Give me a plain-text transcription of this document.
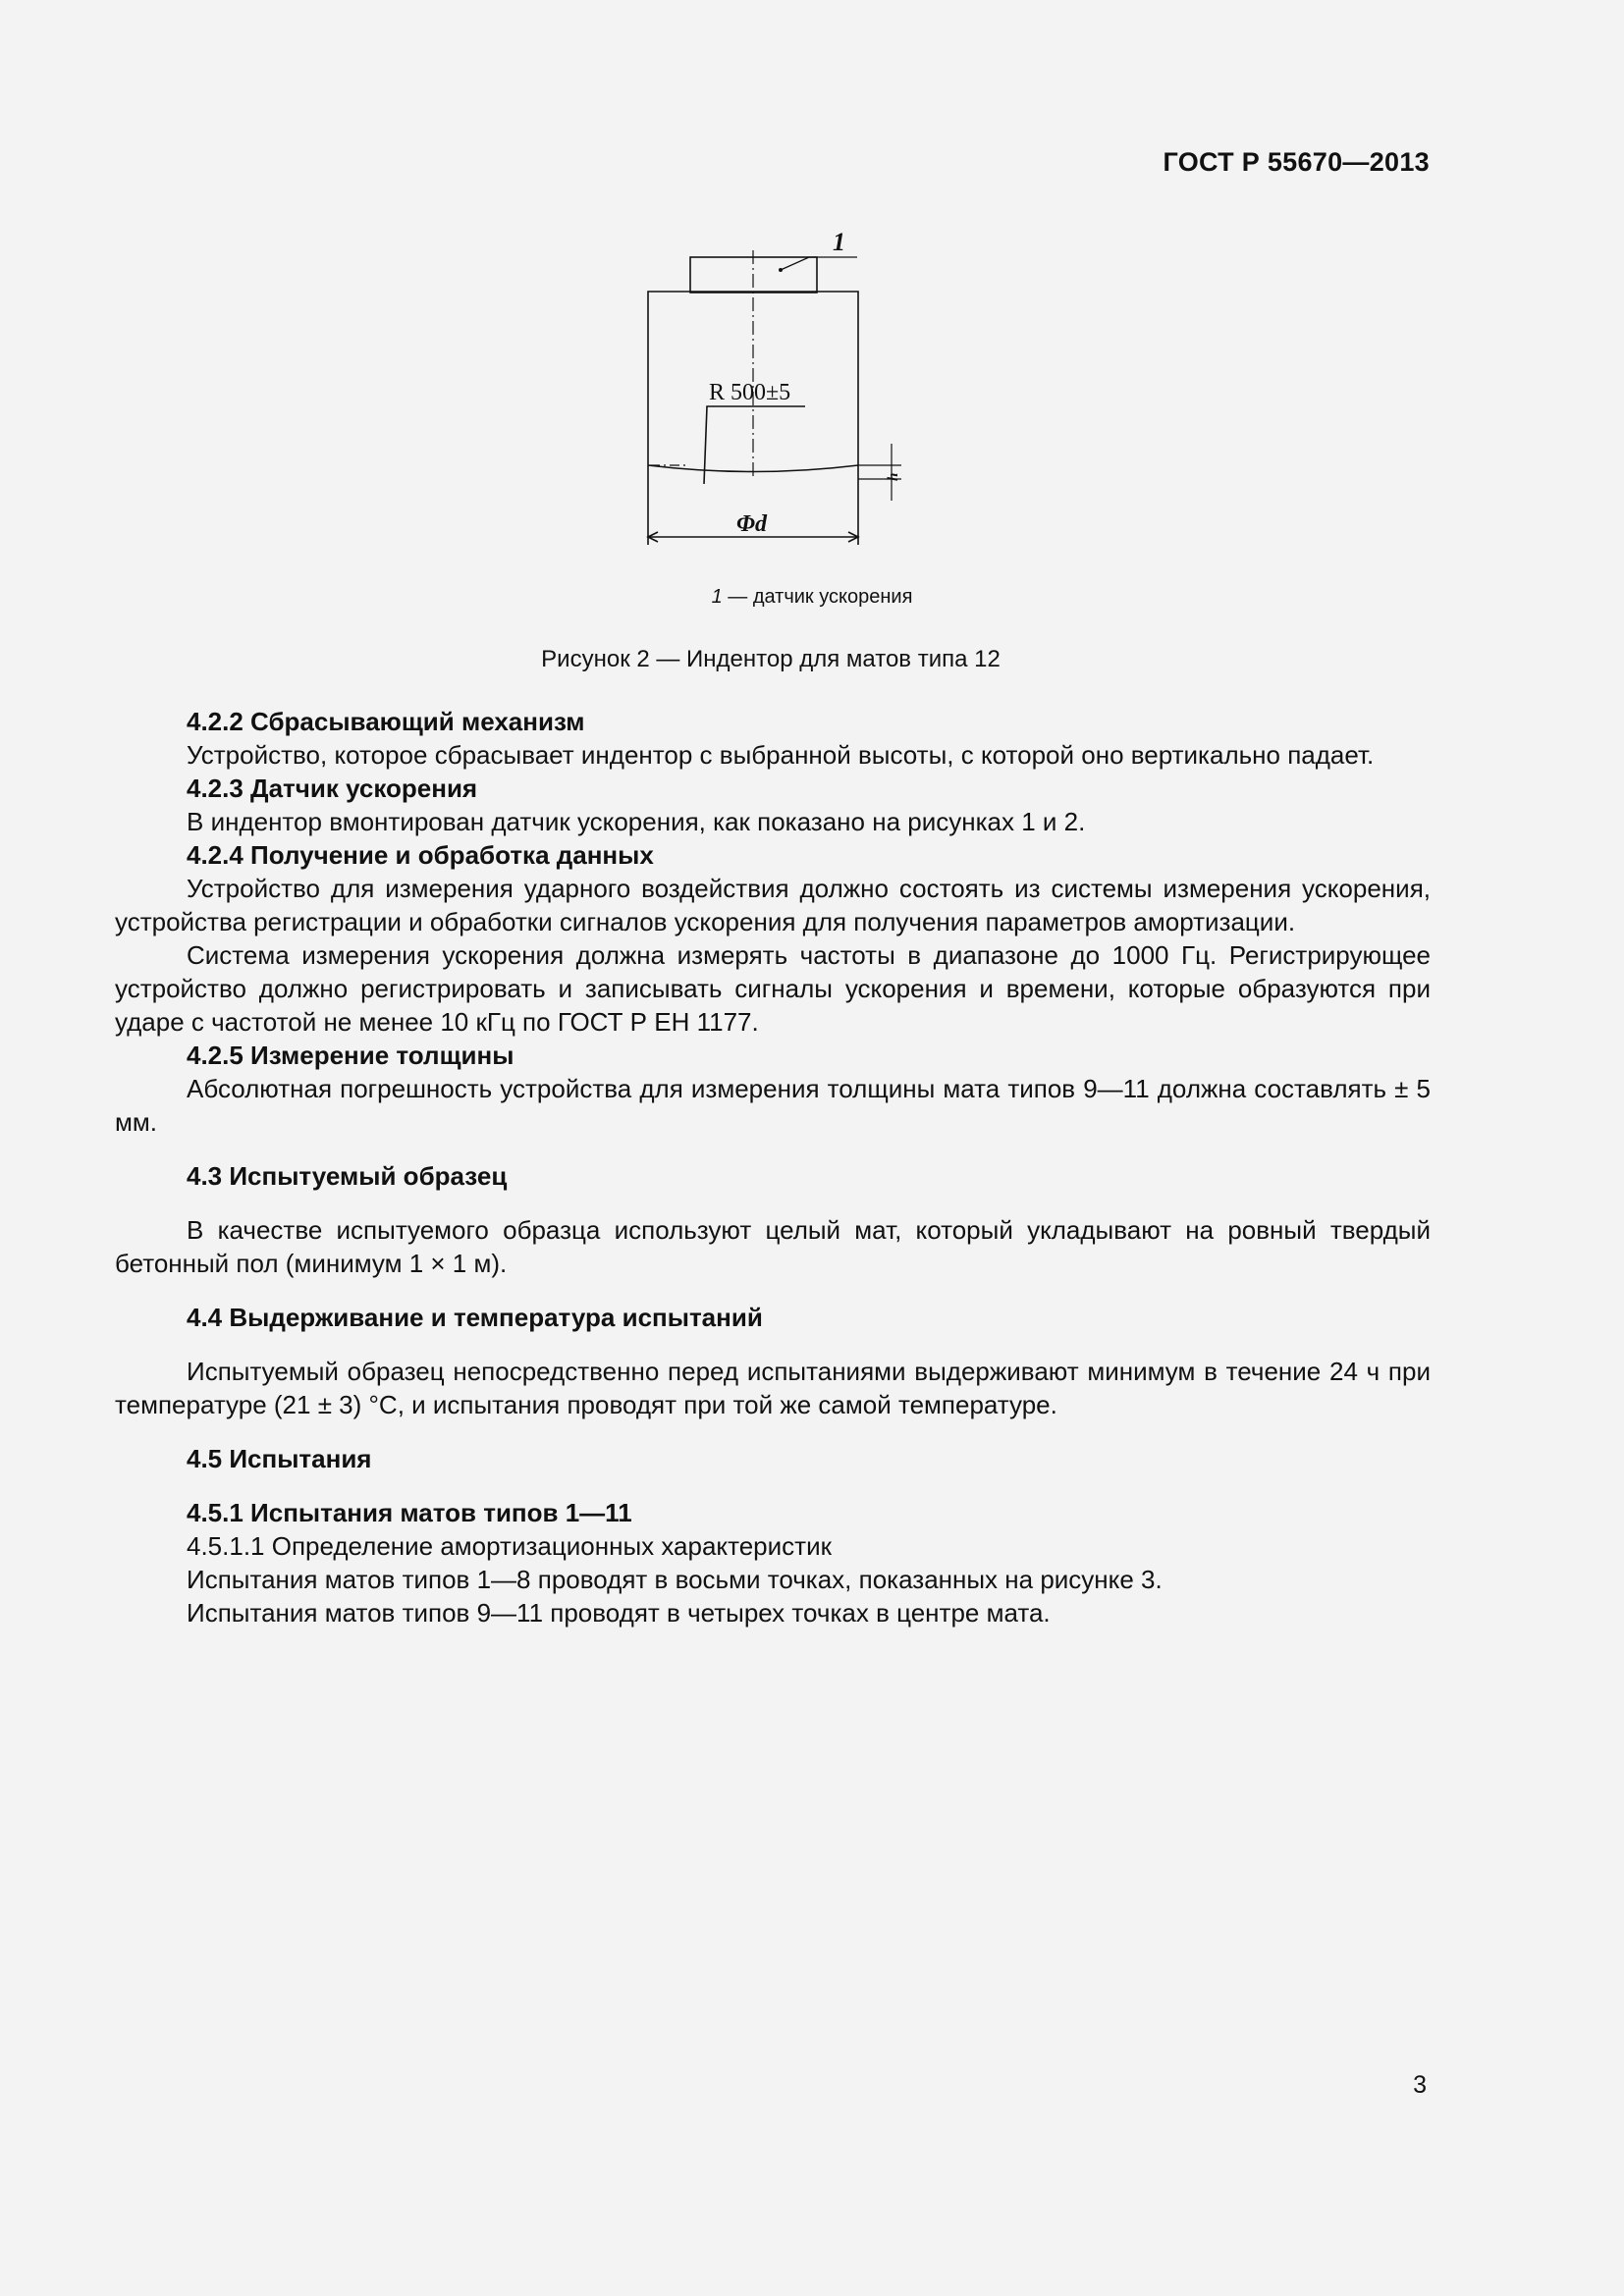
ГОСТ Р 55670—2013
1
R 500±5
Φd
h
1 — датчик ускорения
Рисунок 2 — Индентор для матов типа 12

4.2.2 Сбрасывающий механизм

Устройство, которое сбрасывает индентор с выбранной высоты, с которой оно вертикально падает.

4.2.3 Датчик ускорения

В индентор вмонтирован датчик ускорения, как показано на рисунках 1 и 2.

4.2.4 Получение и обработка данных

Устройство для измерения ударного воздействия должно состоять из системы измерения ускорения, устройства регистрации и обработки сигналов ускорения для получения параметров амортизации.

Система измерения ускорения должна измерять частоты в диапазоне до 1000 Гц. Регистрирующее устройство должно регистрировать и записывать сигналы ускорения и времени, которые образуются при ударе с частотой не менее 10 кГц по ГОСТ Р ЕН 1177.

4.2.5 Измерение толщины

Абсолютная погрешность устройства для измерения толщины мата типов 9—11 должна составлять ± 5 мм.

4.3 Испытуемый образец

В качестве испытуемого образца используют целый мат, который укладывают на ровный твердый бетонный пол (минимум 1 × 1 м).

4.4 Выдерживание и температура испытаний

Испытуемый образец непосредственно перед испытаниями выдерживают минимум в течение 24 ч при температуре (21 ± 3) °С, и испытания проводят при той же самой температуре.

4.5 Испытания

4.5.1 Испытания матов типов 1—11

4.5.1.1 Определение амортизационных характеристик

Испытания матов типов 1—8 проводят в восьми точках, показанных на рисунке 3.

Испытания матов типов 9—11 проводят в четырех точках в центре мата.

3
